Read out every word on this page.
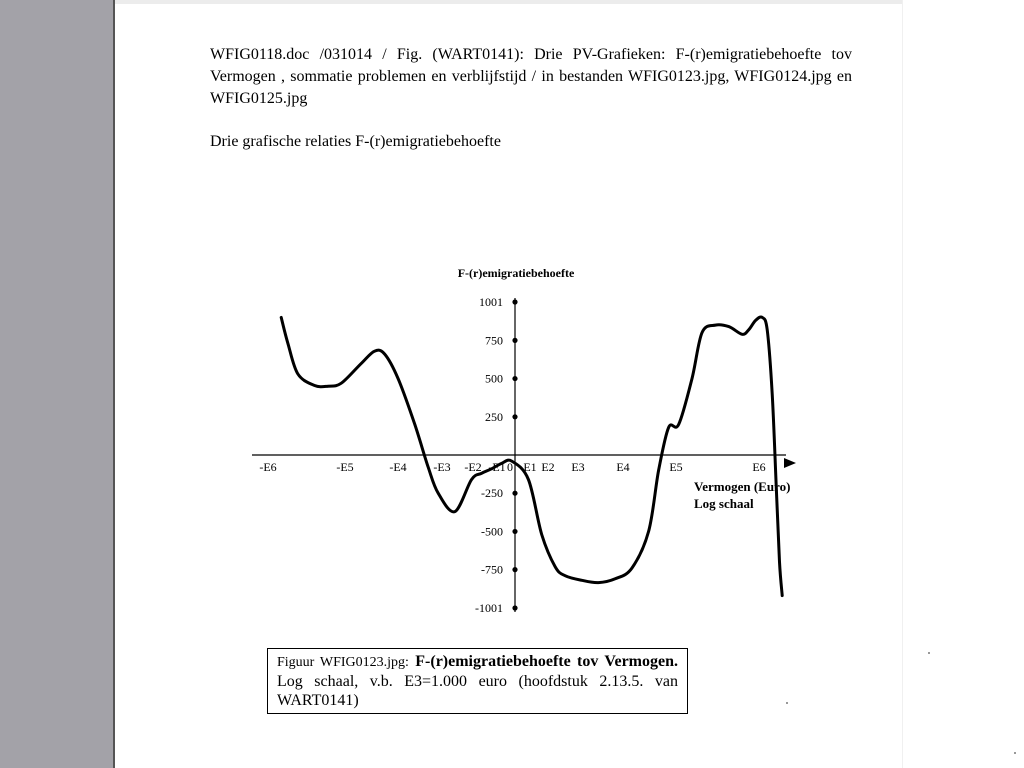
WFIG0118.doc /031014 / Fig. (WART0141): Drie PV-Grafieken: F-(r)emigratiebehoefte tov Vermogen , sommatie problemen en verblijfstijd / in bestanden WFIG0123.jpg, WFIG0124.jpg en WFIG0125.jpg
Drie grafische relaties F-(r)emigratiebehoefte
F-(r)emigratiebehoefte
1001
750
500
250
-250
-500
-750
-1001
-E6	-E5	-E4 -E3 -E2 -E1 0 E1 E2 E3	E4	E5	E6
Vermogen (Euro)
Log schaal
Figuur WFIG0123.jpg: F-(r)emigratiebehoefte tov Vermogen. Log schaal, v.b. E3=1.000 euro (hoofdstuk 2.13.5. van WART0141)
